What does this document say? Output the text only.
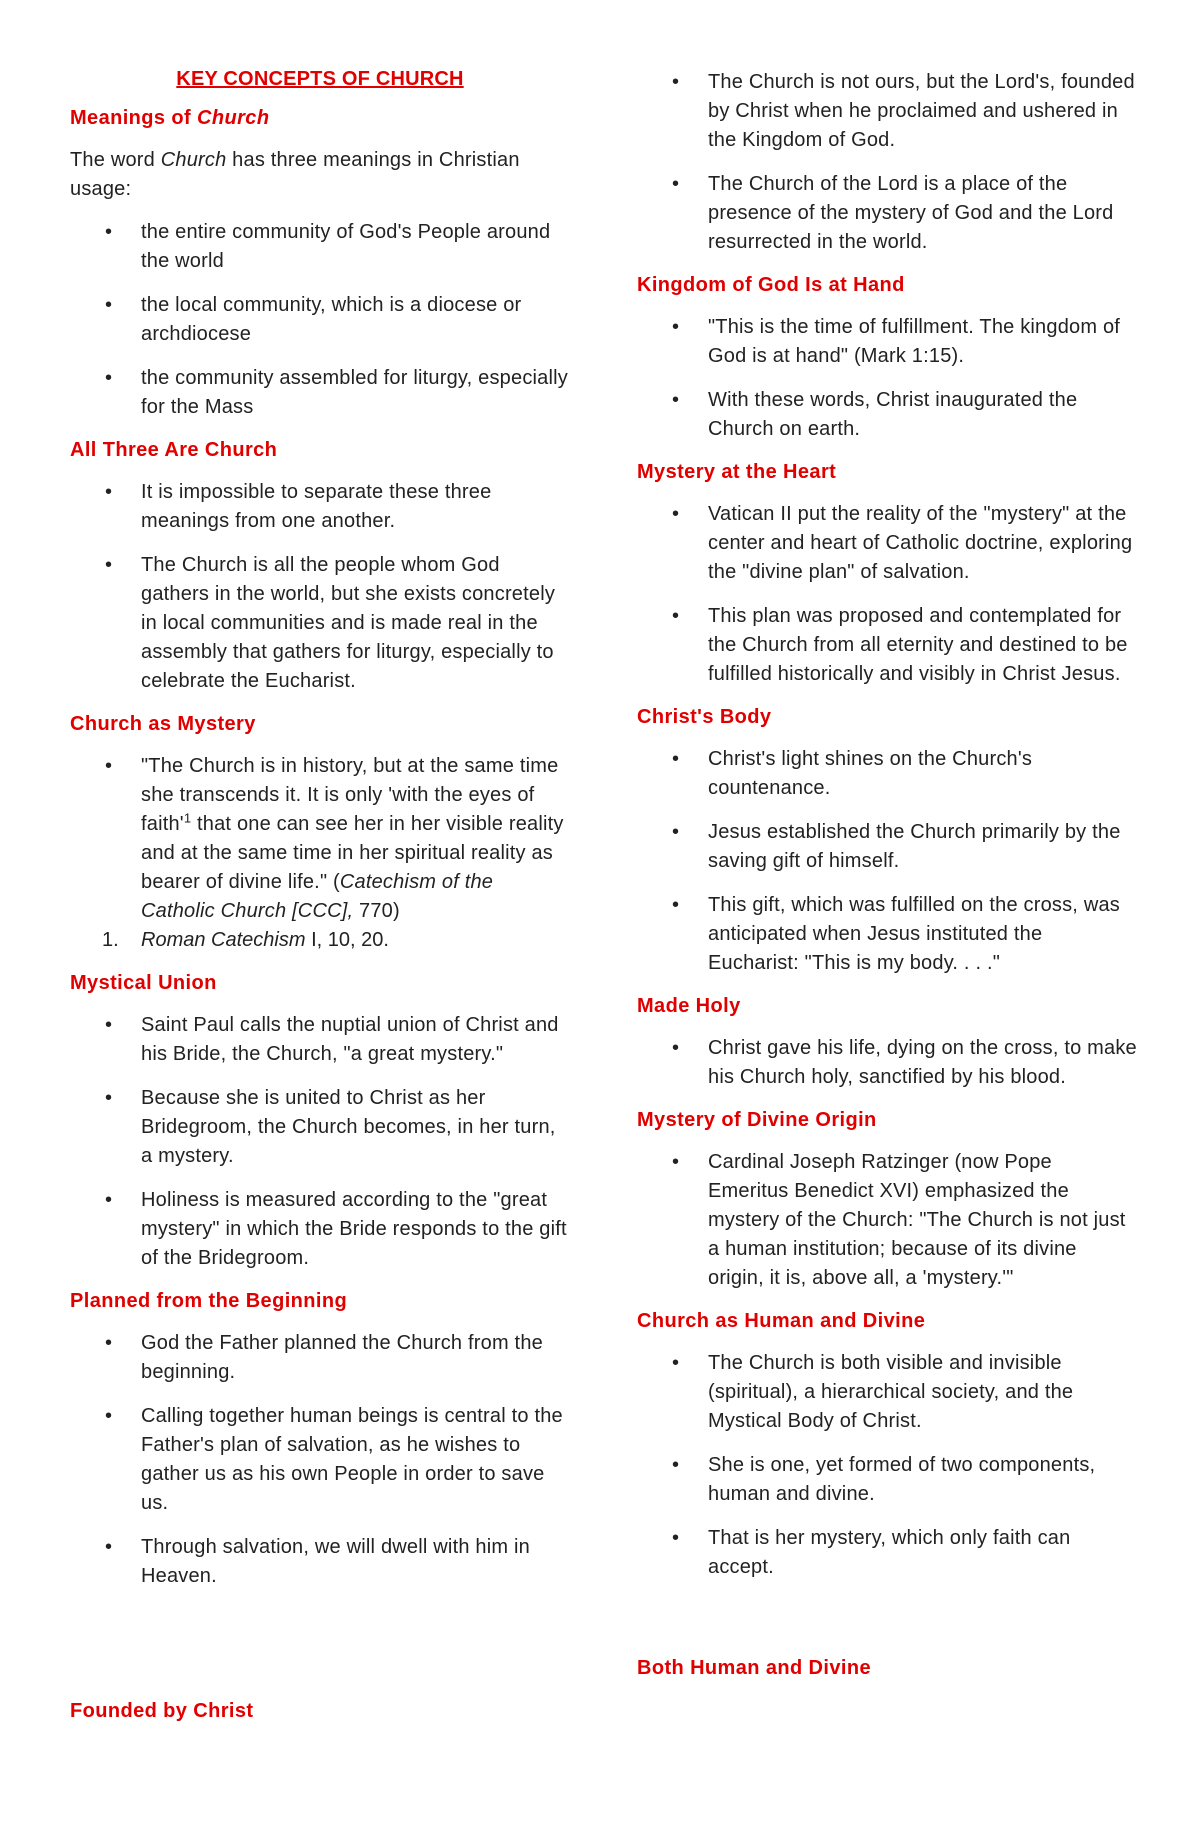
KEY CONCEPTS OF CHURCH
Meanings of Church

The word Church has three meanings in Christian usage:

• the entire community of God's People around the world
• the local community, which is a diocese or archdiocese
• the community assembled for liturgy, especially for the Mass
All Three Are Church
• It is impossible to separate these three meanings from one another.
• The Church is all the people whom God gathers in the world, but she exists concretely in local communities and is made real in the assembly that gathers for liturgy, especially to celebrate the Eucharist.
Church as Mystery
• "The Church is in history, but at the same time she transcends it. It is only 'with the eyes of $faith'^1$ that one can see her in her visible reality and at the same time in her spiritual reality as bearer of divine life." (Catechism of the Catholic Church [CCC], 770)
1. Roman Catechism I, 10, 20.
Mystical Union
• Saint Paul calls the nuptial union of Christ and his Bride, the Church, "a great mystery."
• Because she is united to Christ as her Bridegroom, the Church becomes, in her turn, a mystery.
• Holiness is measured according to the "great mystery" in which the Bride responds to the gift of the Bridegroom.
Planned from the Beginning
• God the Father planned the Church from the beginning.
• Calling together human beings is central to the Father's plan of salvation, as he wishes to gather us as his own People in order to save us.
• Through salvation, we will dwell with him in Heaven.
Founded by Christ
• The Church is not ours, but the Lord's, founded by Christ when he proclaimed and ushered in the Kingdom of God.
• The Church of the Lord is a place of the presence of the mystery of God and the Lord resurrected in the world.
Kingdom of God Is at Hand
• "This is the time of fulfillment. The kingdom of God is at hand" (Mark 1:15).
• With these words, Christ inaugurated the Church on earth.
Mystery at the Heart
• Vatican II put the reality of the "mystery" at the center and heart of Catholic doctrine, exploring the "divine plan" of salvation.
• This plan was proposed and contemplated for the Church from all eternity and destined to be fulfilled historically and visibly in Christ Jesus.
Christ's Body
• Christ's light shines on the Church's countenance.
• Jesus established the Church primarily by the saving gift of himself.
• This gift, which was fulfilled on the cross, was anticipated when Jesus instituted the Eucharist: "This is my body. . . ."
Made Holy
• Christ gave his life, dying on the cross, to make his Church holy, sanctified by his blood.
Mystery of Divine Origin
• Cardinal Joseph Ratzinger (now Pope Emeritus Benedict XVI) emphasized the mystery of the Church: "The Church is not just a human institution; because of its divine origin, it is, above all, a 'mystery.'"
Church as Human and Divine
• The Church is both visible and invisible (spiritual), a hierarchical society, and the Mystical Body of Christ.
• She is one, yet formed of two components, human and divine.
• That is her mystery, which only faith can accept.
Both Human and Divine
